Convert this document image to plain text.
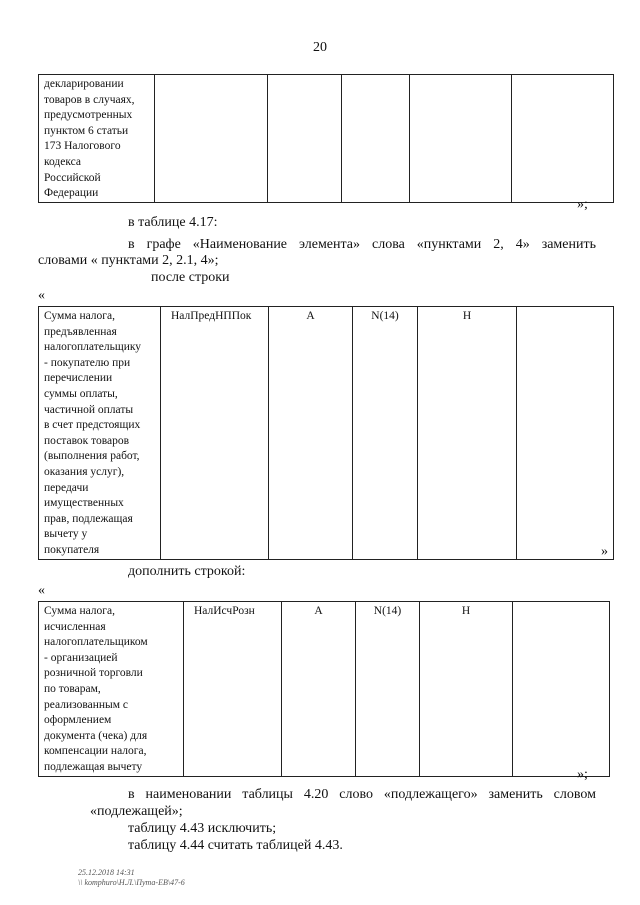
20
декларировании
товаров в случаях,
предусмотренных
пунктом 6 статьи
173 Налогового
кодекса
Российской
Федерации

»;
в таблице 4.17:
в графе «Наименование элемента» слова «пунктами 2, 4» заменить
словами « пунктами 2, 2.1, 4»;
после строки
«
Сумма налога,
предъявленная
налогоплательщику
- покупателю при
перечислении
суммы оплаты,
частичной оплаты
в счет предстоящих
поставок товаров
(выполнения работ,
оказания услуг),
передачи
имущественных
прав, подлежащая
вычету у
покупателя
	НалПредНППок	А	N(14)	Н	
»
дополнить строкой:
«
Сумма налога,
исчисленная
налогоплательщиком
- организацией
розничной торговли
по товарам,
реализованным с
оформлением
документа (чека) для
компенсации налога,
подлежащая вычету
	НалИсчРозн	А	N(14)	Н	
»;
в наименовании таблицы 4.20 слово «подлежащего» заменить словом
«подлежащей»;
таблицу 4.43 исключить;
таблицу 4.44 считать таблицей 4.43.
25.12.2018 14:31
\\ komphuro\Н.Л.\Пута-ЕВ\47-6
